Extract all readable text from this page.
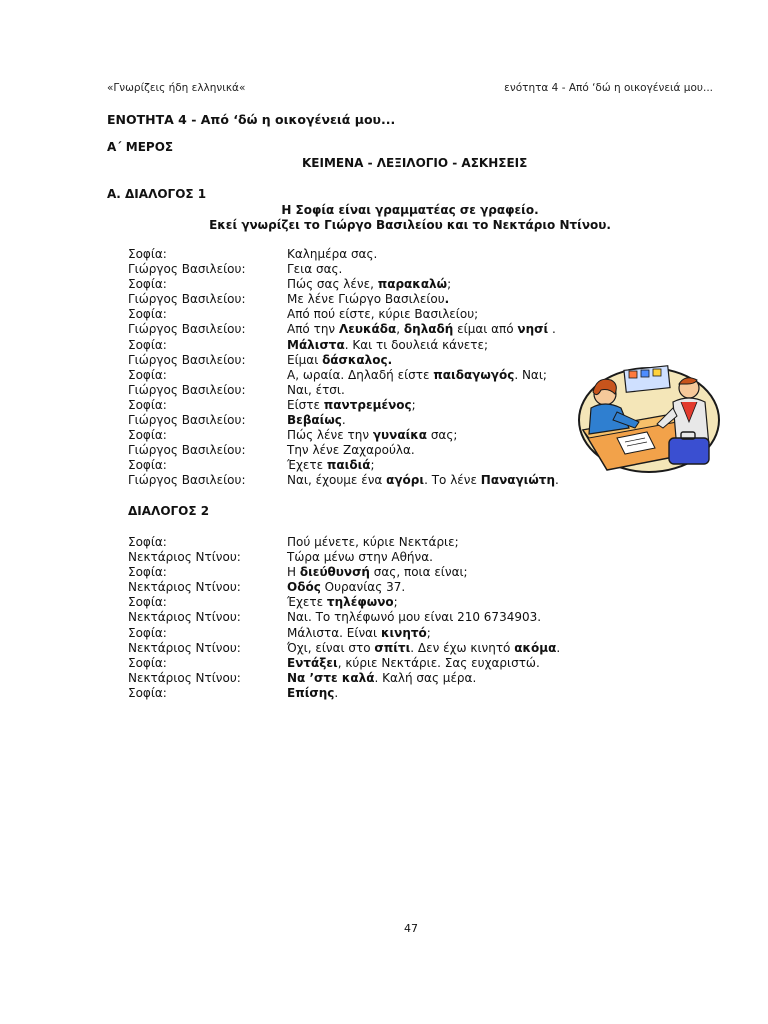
«Γνωρίζεις ήδη ελληνικά«	ενότητα 4 - Από ‘δώ η οικογένειά μου...
ΕΝΟΤΗΤΑ 4 - Από ‘δώ η οικογένειά μου...
Α΄ ΜΕΡΟΣ
ΚΕΙΜΕΝΑ - ΛΕΞΙΛΟΓΙΟ - ΑΣΚΗΣΕΙΣ
Α. ΔΙΑΛΟΓΟΣ 1
Η Σοφία είναι γραμματέας σε γραφείο.
Εκεί γνωρίζει το Γιώργο Βασιλείου και το Νεκτάριο Ντίνου.
Σοφία:	Καλημέρα σας.
Γιώργος Βασιλείου:	Γεια σας.
Σοφία:	Πώς σας λένε, παρακαλώ;
Γιώργος Βασιλείου:	Με λένε Γιώργο Βασιλείου.
Σοφία:	Από πού είστε, κύριε Βασιλείου;
Γιώργος Βασιλείου:	Από την Λευκάδα, δηλαδή είμαι από νησί .
Σοφία:	Μάλιστα. Και τι δουλειά κάνετε;
Γιώργος Βασιλείου:	Είμαι δάσκαλος.
Σοφία:	Α, ωραία. Δηλαδή είστε παιδαγωγός. Ναι;
Γιώργος Βασιλείου:	Ναι, έτσι.
Σοφία:	Είστε παντρεμένος;
Γιώργος Βασιλείου:	Βεβαίως.
Σοφία:	Πώς λένε την γυναίκα σας;
Γιώργος Βασιλείου:	Την λένε Ζαχαρούλα.
Σοφία:	Έχετε παιδιά;
Γιώργος Βασιλείου:	Ναι, έχουμε ένα αγόρι. Το λένε Παναγιώτη.
ΔΙΑΛΟΓΟΣ 2
Σοφία:	Πού μένετε, κύριε Νεκτάριε;
Νεκτάριος Ντίνου:	Τώρα μένω στην Αθήνα.
Σοφία:	Η διεύθυνσή σας, ποια είναι;
Νεκτάριος Ντίνου:	Οδός Ουρανίας 37.
Σοφία:	Έχετε τηλέφωνο;
Νεκτάριος Ντίνου:	Ναι. Το τηλέφωνό μου είναι 210 6734903.
Σοφία:	Μάλιστα. Είναι κινητό;
Νεκτάριος Ντίνου:	Όχι, είναι στο σπίτι. Δεν έχω κινητό ακόμα.
Σοφία:	Εντάξει, κύριε Νεκτάριε. Σας ευχαριστώ.
Νεκτάριος Ντίνου:	Να ’στε καλά. Καλή σας μέρα.
Σοφία:	Επίσης.
47
